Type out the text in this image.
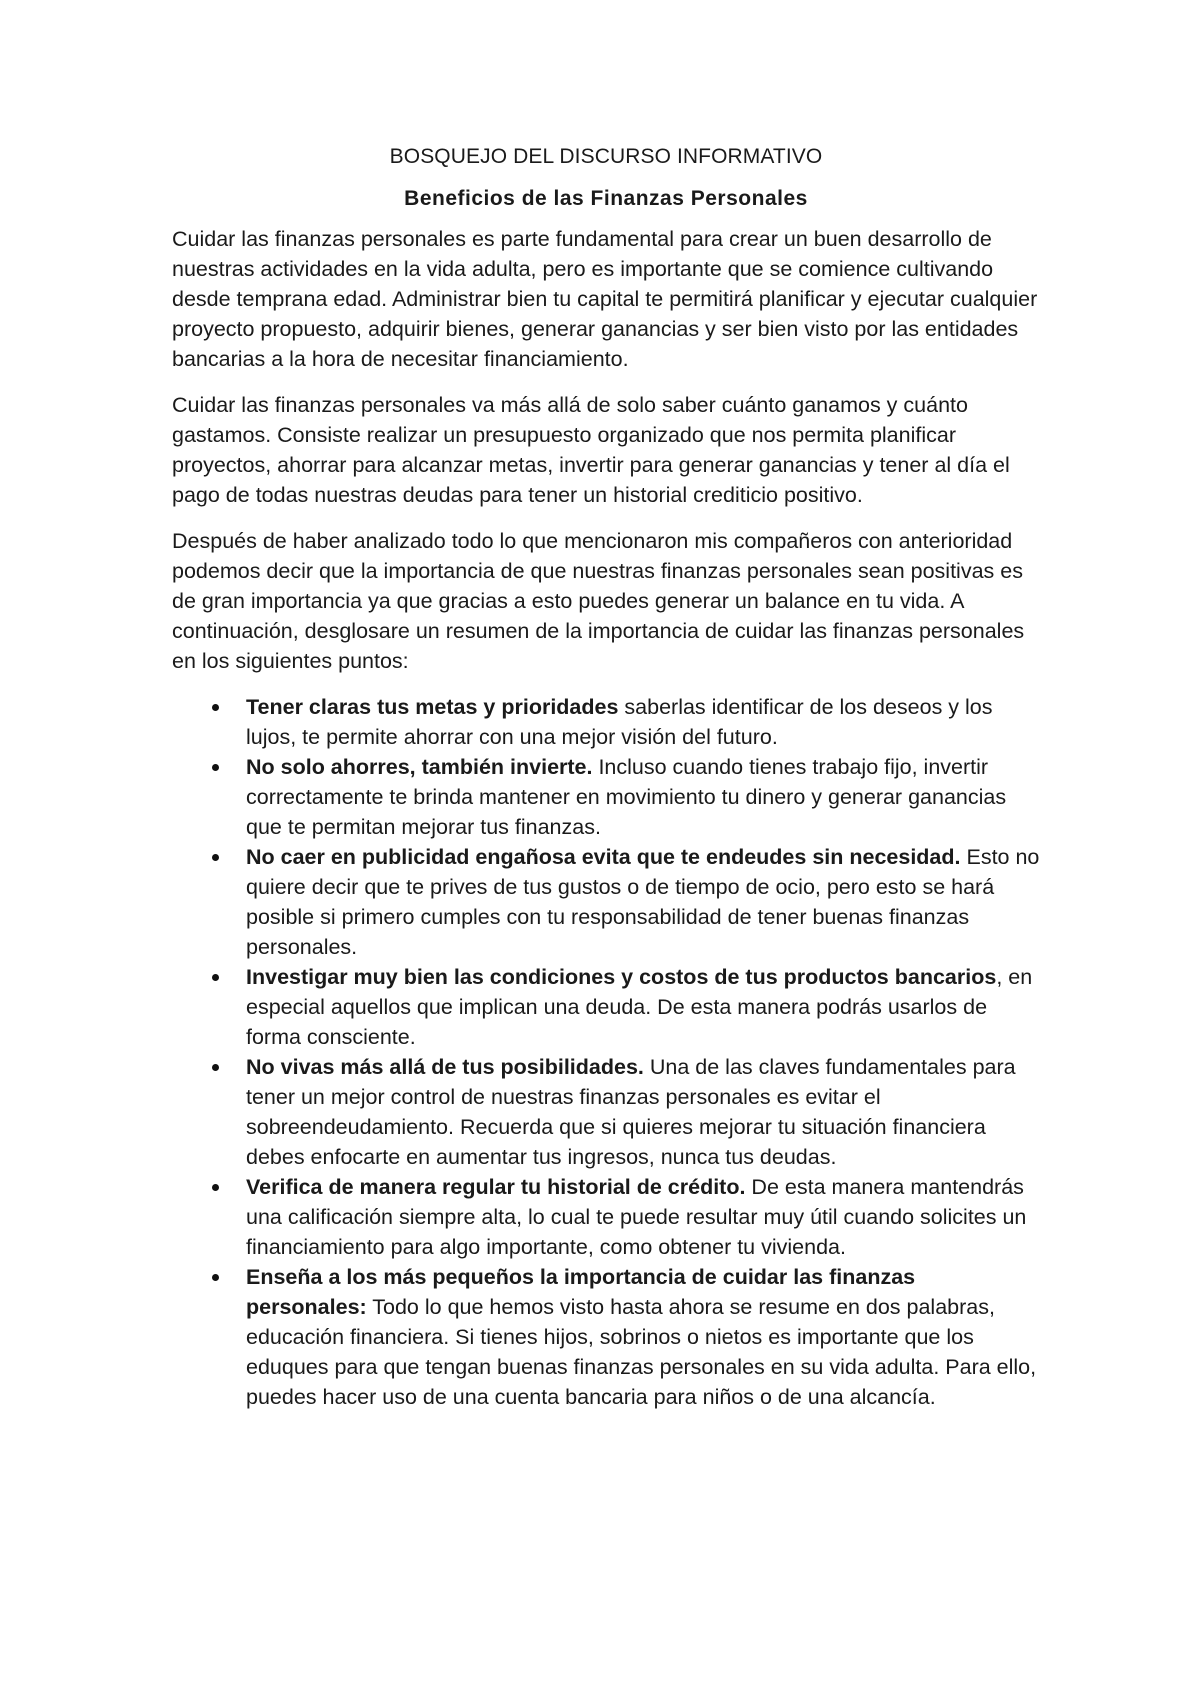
BOSQUEJO DEL DISCURSO INFORMATIVO
Beneficios de las Finanzas Personales

Cuidar las finanzas personales es parte fundamental para crear un buen desarrollo de nuestras actividades en la vida adulta, pero es importante que se comience cultivando desde temprana edad. Administrar bien tu capital te permitirá planificar y ejecutar cualquier proyecto propuesto, adquirir bienes, generar ganancias y ser bien visto por las entidades bancarias a la hora de necesitar financiamiento.

Cuidar las finanzas personales va más allá de solo saber cuánto ganamos y cuánto gastamos. Consiste realizar un presupuesto organizado que nos permita planificar proyectos, ahorrar para alcanzar metas, invertir para generar ganancias y tener al día el pago de todas nuestras deudas para tener un historial crediticio positivo.

Después de haber analizado todo lo que mencionaron mis compañeros con anterioridad podemos decir que la importancia de que nuestras finanzas personales sean positivas es de gran importancia ya que gracias a esto puedes generar un balance en tu vida. A continuación, desglosare un resumen de la importancia de cuidar las finanzas personales en los siguientes puntos:

Tener claras tus metas y prioridades saberlas identificar de los deseos y los lujos, te permite ahorrar con una mejor visión del futuro.
No solo ahorres, también invierte. Incluso cuando tienes trabajo fijo, invertir correctamente te brinda mantener en movimiento tu dinero y generar ganancias que te permitan mejorar tus finanzas.
No caer en publicidad engañosa evita que te endeudes sin necesidad. Esto no quiere decir que te prives de tus gustos o de tiempo de ocio, pero esto se hará posible si primero cumples con tu responsabilidad de tener buenas finanzas personales.
Investigar muy bien las condiciones y costos de tus productos bancarios, en especial aquellos que implican una deuda. De esta manera podrás usarlos de forma consciente.
No vivas más allá de tus posibilidades. Una de las claves fundamentales para tener un mejor control de nuestras finanzas personales es evitar el sobreendeudamiento. Recuerda que si quieres mejorar tu situación financiera debes enfocarte en aumentar tus ingresos, nunca tus deudas.
Verifica de manera regular tu historial de crédito. De esta manera mantendrás una calificación siempre alta, lo cual te puede resultar muy útil cuando solicites un financiamiento para algo importante, como obtener tu vivienda.
Enseña a los más pequeños la importancia de cuidar las finanzas personales: Todo lo que hemos visto hasta ahora se resume en dos palabras, educación financiera. Si tienes hijos, sobrinos o nietos es importante que los eduques para que tengan buenas finanzas personales en su vida adulta. Para ello, puedes hacer uso de una cuenta bancaria para niños o de una alcancía.
